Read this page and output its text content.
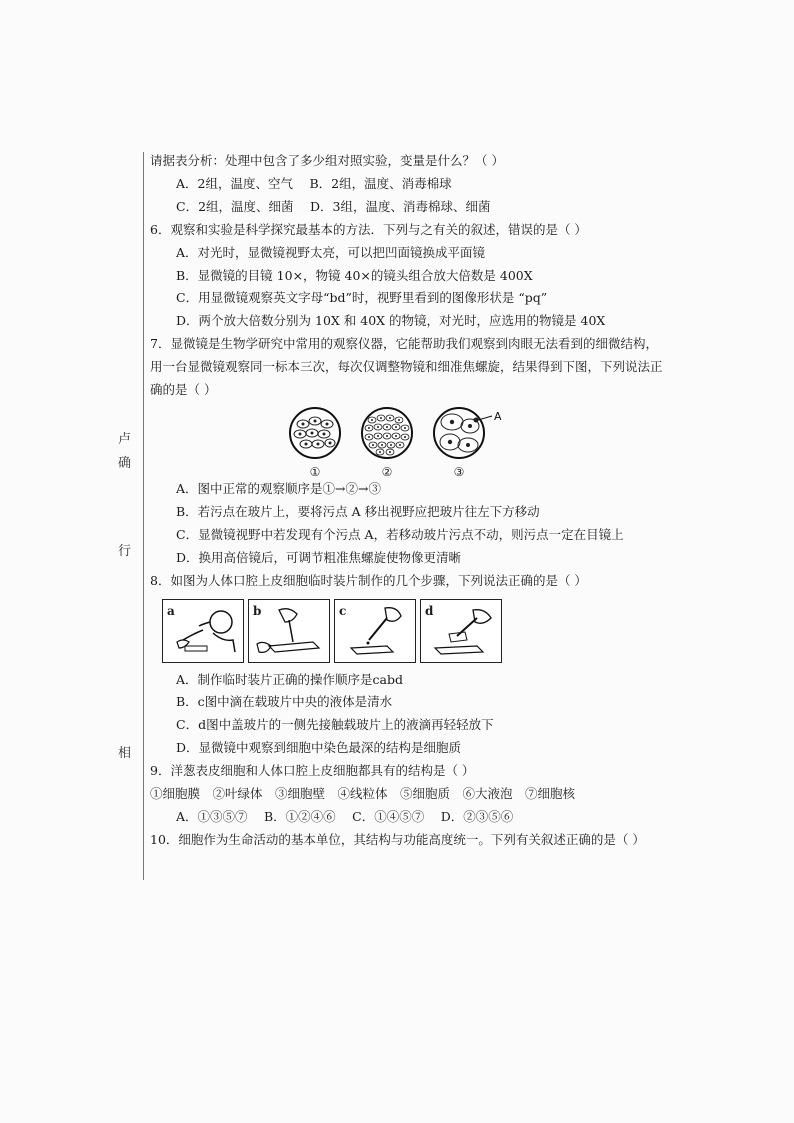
卢
确
行
相
请据表分析：处理中包含了多少组对照实验，变量是什么？（ ）
A．2组，温度、空气　 B．2组，温度、消毒棉球
C．2组，温度、细菌　 D．3组，温度、消毒棉球、细菌
6．观察和实验是科学探究最基本的方法．下列与之有关的叙述，错误的是（ ）
A．对光时，显微镜视野太亮，可以把凹面镜换成平面镜
B．显微镜的目镜 10×，物镜 40×的镜头组合放大倍数是 400X
C．用显微镜观察英文字母“bd”时，视野里看到的图像形状是 “pq”
D．两个放大倍数分别为 10X 和 40X 的物镜，对光时，应选用的物镜是 40X
7．显微镜是生物学研究中常用的观察仪器，它能帮助我们观察到肉眼无法看到的细微结构，
用一台显微镜观察同一标本三次，每次仅调整物镜和细准焦螺旋，结果得到下图，下列说法正
确的是（ ）
①	②
A
③
A．图中正常的观察顺序是①→②→③
B．若污点在玻片上，要将污点 A 移出视野应把玻片往左下方移动
C．显微镜视野中若发现有个污点 A，若移动玻片污点不动，则污点一定在目镜上
D．换用高倍镜后，可调节粗准焦螺旋使物像更清晰
8．如图为人体口腔上皮细胞临时装片制作的几个步骤，下列说法正确的是（ ）
a	b	c	d
A．制作临时装片正确的操作顺序是cabd
B．c图中滴在载玻片中央的液体是清水
C．d图中盖玻片的一侧先接触载玻片上的液滴再轻轻放下
D．显微镜中观察到细胞中染色最深的结构是细胞质
9．洋葱表皮细胞和人体口腔上皮细胞都具有的结构是（ ）
①细胞膜　②叶绿体　③细胞壁　④线粒体　⑤细胞质　⑥大液泡　⑦细胞核
A．①③⑤⑦　 B．①②④⑥　 C．①④⑤⑦　 D．②③⑤⑥
10．细胞作为生命活动的基本单位，其结构与功能高度统一。下列有关叙述正确的是（ ）
